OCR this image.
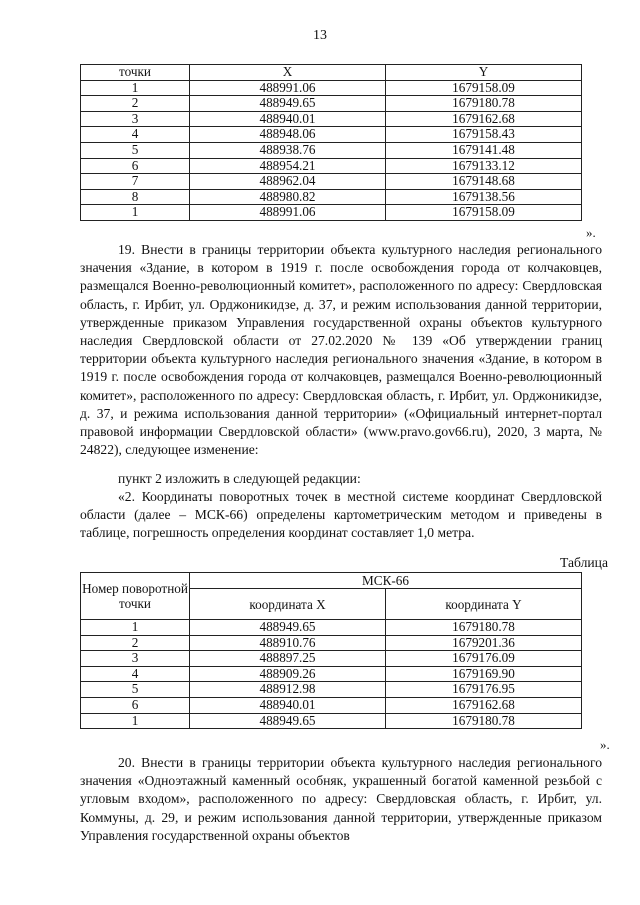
13
точки	X	Y
1	488991.06	1679158.09
2	488949.65	1679180.78
3	488940.01	1679162.68
4	488948.06	1679158.43
5	488938.76	1679141.48
6	488954.21	1679133.12
7	488962.04	1679148.68
8	488980.82	1679138.56
1	488991.06	1679158.09
».

19. Внести в границы территории объекта культурного наследия регионального значения «Здание, в котором в 1919 г. после освобождения города от колчаковцев, размещался Военно-революционный комитет», расположенного по адресу: Свердловская область, г. Ирбит, ул. Орджоникидзе, д. 37, и режим использования данной территории, утвержденные приказом Управления государственной охраны объектов культурного наследия Свердловской области от 27.02.2020 № 139 «Об утверждении границ территории объекта культурного наследия регионального значения «Здание, в котором в 1919 г. после освобождения города от колчаковцев, размещался Военно-революционный комитет», расположенного по адресу: Свердловская область, г. Ирбит, ул. Орджоникидзе, д. 37, и режима использования данной территории» («Официальный интернет-портал правовой информации Свердловской области» (www.pravo.gov66.ru), 2020, 3 марта, № 24822), следующее изменение:

пункт 2 изложить в следующей редакции:

«2. Координаты поворотных точек в местной системе координат Свердловской области (далее – МСК-66) определены картометрическим методом и приведены в таблице, погрешность определения координат составляет 1,0 метра.

Таблица
Номер поворотной точки	МСК-66	
	координата X	координата Y
1	488949.65	1679180.78
2	488910.76	1679201.36
3	488897.25	1679176.09
4	488909.26	1679169.90
5	488912.98	1679176.95
6	488940.01	1679162.68
1	488949.65	1679180.78
».

20. Внести в границы территории объекта культурного наследия регионального значения «Одноэтажный каменный особняк, украшенный богатой каменной резьбой с угловым входом», расположенного по адресу: Свердловская область, г. Ирбит, ул. Коммуны, д. 29, и режим использования данной территории, утвержденные приказом Управления государственной охраны объектов
